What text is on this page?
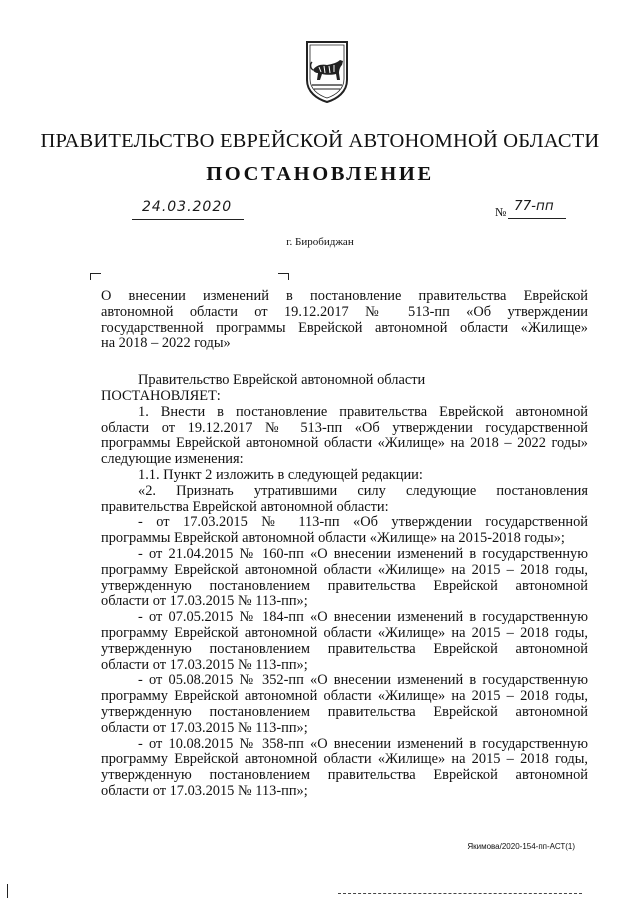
ПРАВИТЕЛЬСТВО ЕВРЕЙСКОЙ АВТОНОМНОЙ ОБЛАСТИ
ПОСТАНОВЛЕНИЕ
24.03.2020	№ 77-пп
г. Биробиджан

О внесении изменений в постановление правительства Еврейской

автономной области от 19.12.2017 № 513-пп «Об утверждении

государственной программы Еврейской автономной области «Жилище»

на 2018 – 2022 годы»

Правительство Еврейской автономной области

ПОСТАНОВЛЯЕТ:

1. Внести в постановление правительства Еврейской автономной

области от 19.12.2017 № 513-пп «Об утверждении государственной

программы Еврейской автономной области «Жилище» на 2018 – 2022 годы»

следующие изменения:

1.1. Пункт 2 изложить в следующей редакции:

«2. Признать утратившими силу следующие постановления

правительства Еврейской автономной области:

- от 17.03.2015 № 113-пп «Об утверждении государственной

программы Еврейской автономной области «Жилище» на 2015-2018 годы»;

- от 21.04.2015 № 160-пп «О внесении изменений в государственную

программу Еврейской автономной области «Жилище» на 2015 – 2018 годы,

утвержденную постановлением правительства Еврейской автономной

области от 17.03.2015 № 113-пп»;

- от 07.05.2015 № 184-пп «О внесении изменений в государственную

программу Еврейской автономной области «Жилище» на 2015 – 2018 годы,

утвержденную постановлением правительства Еврейской автономной

области от 17.03.2015 № 113-пп»;

- от 05.08.2015 № 352-пп «О внесении изменений в государственную

программу Еврейской автономной области «Жилище» на 2015 – 2018 годы,

утвержденную постановлением правительства Еврейской автономной

области от 17.03.2015 № 113-пп»;

- от 10.08.2015 № 358-пп «О внесении изменений в государственную

программу Еврейской автономной области «Жилище» на 2015 – 2018 годы,

утвержденную постановлением правительства Еврейской автономной

области от 17.03.2015 № 113-пп»;

Якимова/2020-154-пп-АСТ(1)
